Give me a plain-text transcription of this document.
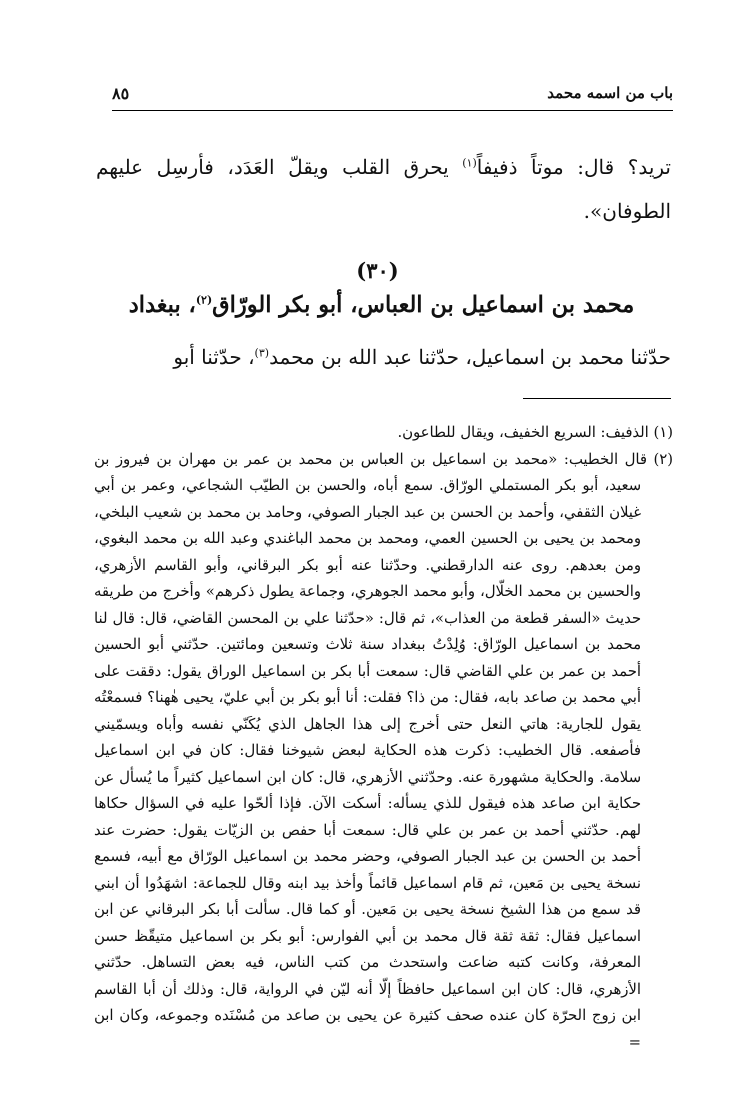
باب من اسمه محمد
٨٥
تريد؟ قال: موتاً ذفيفاً$^{(١)}$ يحرق القلب ويقلّ العَدَد، فأرسِل عليهم الطوفان».
(٣٠)
محمد بن اسماعيل بن العباس، أبو بكر الورّاق$^{(٢)}$، ببغداد
حدّثنا محمد بن اسماعيل، حدّثنا عبد الله بن محمد$^{(٣)}$، حدّثنا أبو

(١) الذفيف: السريع الخفيف، ويقال للطاعون.

(٢) قال الخطيب: «محمد بن اسماعيل بن العباس بن محمد بن عمر بن مهران بن فيروز بن سعيد، أبو بكر المستملي الورّاق. سمع أباه، والحسن بن الطيّب الشجاعي، وعمر بن أبي غيلان الثقفي، وأحمد بن الحسن بن عبد الجبار الصوفي، وحامد بن محمد بن شعيب البلخي، ومحمد بن يحيى بن الحسين العمي، ومحمد بن محمد الباغندي وعبد الله بن محمد البغوي، ومن بعدهم. روى عنه الدارقطني. وحدّثنا عنه أبو بكر البرقاني، وأبو القاسم الأزهري، والحسين بن محمد الخلّال، وأبو محمد الجوهري، وجماعة يطول ذكرهم» وأخرج من طريقه حديث «السفر قطعة من العذاب»، ثم قال: «حدّثنا علي بن المحسن القاضي، قال: قال لنا محمد بن اسماعيل الورّاق: وُلِدْتُ ببغداد سنة ثلاث وتسعين ومائتين. حدّثني أبو الحسين أحمد بن عمر بن علي القاضي قال: سمعت أبا بكر بن اسماعيل الوراق يقول: دققت على أبي محمد بن صاعد بابه، فقال: من ذا؟ فقلت: أنا أبو بكر بن أبي عليّ، يحيى هٰهنا؟ فسمعْتُه يقول للجارية: هاتي النعل حتى أخرج إلى هذا الجاهل الذي يُكَنّي نفسه وأباه ويسمّيني فأصفعه. قال الخطيب: ذكرت هذه الحكاية لبعض شيوخنا فقال: كان في ابن اسماعيل سلامة. والحكاية مشهورة عنه. وحدّثني الأزهري، قال: كان ابن اسماعيل كثيراً ما يُسأل عن حكاية ابن صاعد هذه فيقول للذي يسأله: أسكت الآن. فإذا ألحّوا عليه في السؤال حكاها لهم. حدّثني أحمد بن عمر بن علي قال: سمعت أبا حفص بن الزيّات يقول: حضرت عند أحمد بن الحسن بن عبد الجبار الصوفي، وحضر محمد بن اسماعيل الورّاق مع أبيه، فسمع نسخة يحيى بن مَعين، ثم قام اسماعيل قائماً وأخذ بيد ابنه وقال للجماعة: اشهَدُوا أن ابني قد سمع من هذا الشيخ نسخة يحيى بن مَعين. أو كما قال. سألت أبا بكر البرقاني عن ابن اسماعيل فقال: ثقة ثقة قال محمد بن أبي الفوارس: أبو بكر بن اسماعيل متيقّظ حسن المعرفة، وكانت كتبه ضاعت واستحدث من كتب الناس، فيه بعض التساهل. حدّثني الأزهري، قال: كان ابن اسماعيل حافظاً إلّا أنه ليّن في الرواية، قال: وذلك أن أبا القاسم ابن زوج الحرّة كان عنده صحف كثيرة عن يحيى بن صاعد من مُسْنَده وجموعه، وكان ابن =
